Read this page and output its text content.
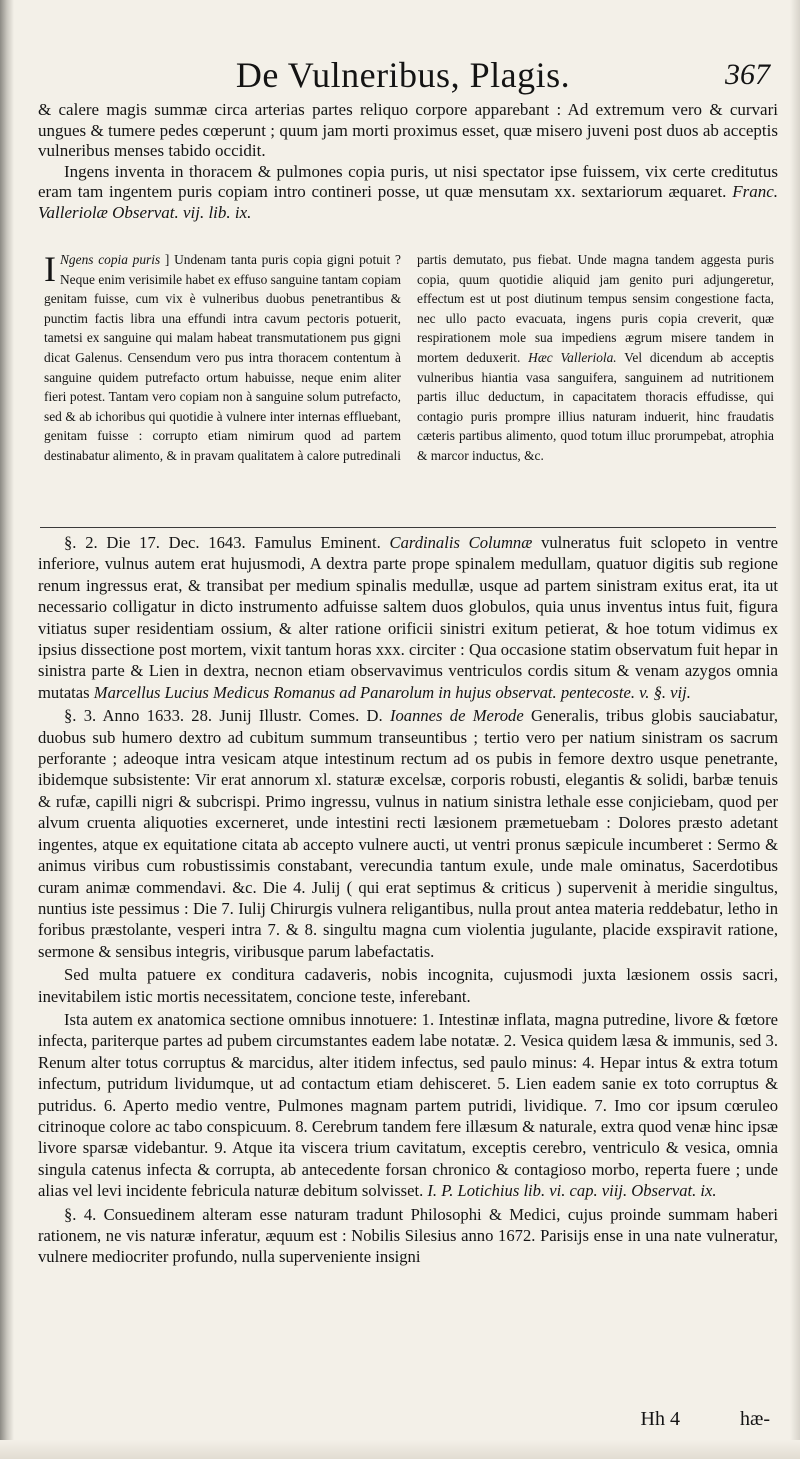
De Vulneribus, Plagis.	367

& calere magis summæ circa arterias partes reliquo corpore apparebant : Ad extremum vero & curvari ungues & tumere pedes cœperunt ; quum jam morti proximus esset, quæ misero juveni post duos ab acceptis vulneribus menses tabido occidit.

Ingens inventa in thoracem & pulmones copia puris, ut nisi spectator ipse fuissem, vix certe creditutus eram tam ingentem puris copiam intro contineri posse, ut quæ mensutam xx. sextariorum æquaret. Franc. Valleriolæ Observat. vij. lib. ix.

I Ngens copia puris ] Undenam tanta puris copia gigni potuit ? Neque enim verisimile habet ex effuso sanguine tantam copiam genitam fuisse, cum vix è vulneribus duobus penetrantibus & punctim factis libra una effundi intra cavum pectoris potuerit, tametsi ex sanguine qui malam habeat transmutationem pus gigni dicat Galenus. Censendum vero pus intra thoracem contentum à sanguine quidem putrefacto ortum habuisse, neque enim aliter fieri potest. Tantam vero copiam non à sanguine solum putrefacto, sed & ab ichoribus qui quotidie à vulnere inter internas effluebant, genitam fuisse : corrupto etiam nimirum quod ad partem destinabatur alimento, & in pravam qualitatem à calore putredinali partis demutato, pus fiebat. Unde magna tandem aggesta puris copia, quum quotidie aliquid jam genito puri adjungeretur, effectum est ut post diutinum tempus sensim congestione facta, nec ullo pacto evacuata, ingens puris copia creverit, quæ respirationem mole sua impediens ægrum misere tandem in mortem deduxerit. Hæc Valleriola. Vel dicendum ab acceptis vulneribus hiantia vasa sanguifera, sanguinem ad nutritionem partis illuc deductum, in capacitatem thoracis effudisse, qui contagio puris prompre illius naturam induerit, hinc fraudatis cæteris partibus alimento, quod totum illuc prorumpebat, atrophia & marcor inductus, &c.

§. 2. Die 17. Dec. 1643. Famulus Eminent. Cardinalis Columnæ vulneratus fuit sclopeto in ventre inferiore, vulnus autem erat hujusmodi, A dextra parte prope spinalem medullam, quatuor digitis sub regione renum ingressus erat, & transibat per medium spinalis medullæ, usque ad partem sinistram exitus erat, ita ut necessario colligatur in dicto instrumento adfuisse saltem duos globulos, quia unus inventus intus fuit, figura vitiatus super residentiam ossium, & alter ratione orificii sinistri exitum petierat, & hoe totum vidimus ex ipsius dissectione post mortem, vixit tantum horas xxx. circiter : Qua occasione statim observatum fuit hepar in sinistra parte & Lien in dextra, necnon etiam observavimus ventriculos cordis situm & venam azygos omnia mutatas Marcellus Lucius Medicus Romanus ad Panarolum in hujus observat. pentecoste. v. §. vij.

§. 3. Anno 1633. 28. Junij Illustr. Comes. D. Ioannes de Merode Generalis, tribus globis sauciabatur, duobus sub humero dextro ad cubitum summum transeuntibus ; tertio vero per natium sinistram os sacrum perforante ; adeoque intra vesicam atque intestinum rectum ad os pubis in femore dextro usque penetrante, ibidemque subsistente: Vir erat annorum xl. staturæ excelsæ, corporis robusti, elegantis & solidi, barbæ tenuis & rufæ, capilli nigri & subcrispi. Primo ingressu, vulnus in natium sinistra lethale esse conjiciebam, quod per alvum cruenta aliquoties excerneret, unde intestini recti læsionem præmetuebam : Dolores præsto adetant ingentes, atque ex equitatione citata ab accepto vulnere aucti, ut ventri pronus sæpicule incumberet : Sermo & animus viribus cum robustissimis constabant, verecundia tantum exule, unde male ominatus, Sacerdotibus curam animæ commendavi. &c. Die 4. Julij ( qui erat septimus & criticus ) supervenit à meridie singultus, nuntius iste pessimus : Die 7. Iulij Chirurgis vulnera religantibus, nulla prout antea materia reddebatur, letho in foribus præstolante, vesperi intra 7. & 8. singultu magna cum violentia jugulante, placide exspiravit ratione, sermone & sensibus integris, viribusque parum labefactatis.

Sed multa patuere ex conditura cadaveris, nobis incognita, cujusmodi juxta læsionem ossis sacri, inevitabilem istic mortis necessitatem, concione teste, inferebant.

Ista autem ex anatomica sectione omnibus innotuere: 1. Intestinæ inflata, magna putredine, livore & fœtore infecta, pariterque partes ad pubem circumstantes eadem labe notatæ. 2. Vesica quidem læsa & immunis, sed 3. Renum alter totus corruptus & marcidus, alter itidem infectus, sed paulo minus: 4. Hepar intus & extra totum infectum, putridum lividumque, ut ad contactum etiam dehisceret. 5. Lien eadem sanie ex toto corruptus & putridus. 6. Aperto medio ventre, Pulmones magnam partem putridi, lividique. 7. Imo cor ipsum cœruleo citrinoque colore ac tabo conspicuum. 8. Cerebrum tandem fere illæsum & naturale, extra quod venæ hinc ipsæ livore sparsæ videbantur. 9. Atque ita viscera trium cavitatum, exceptis cerebro, ventriculo & vesica, omnia singula catenus infecta & corrupta, ab antecedente forsan chronico & contagioso morbo, reperta fuere ; unde alias vel levi incidente febricula naturæ debitum solvisset. I. P. Lotichius lib. vi. cap. viij. Observat. ix.

§. 4. Consuedinem alteram esse naturam tradunt Philosophi & Medici, cujus proinde summam haberi rationem, ne vis naturæ inferatur, æquum est : Nobilis Silesius anno 1672. Parisijs ense in una nate vulneratur, vulnere mediocriter profundo, nulla superveniente insigni

Hh 4	hæ-
